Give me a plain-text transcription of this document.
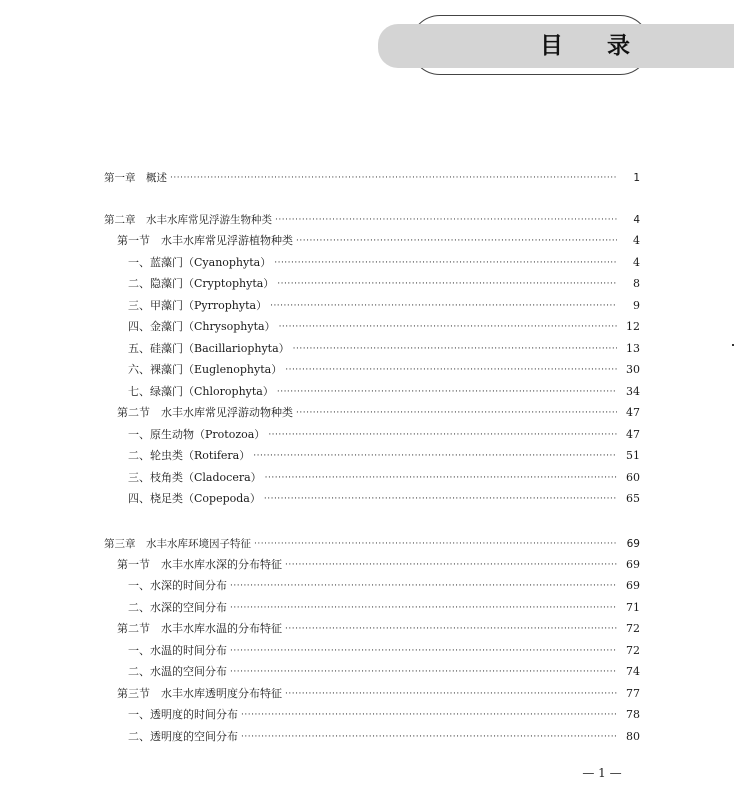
目 录
第一章　概述 ·····	1
第二章　水丰水库常见浮游生物种类 ·····	4
第一节　水丰水库常见浮游植物种类 ·····	4
一、蓝藻门（Cyanophyta） ·····	4
二、隐藻门（Cryptophyta） ·····	8
三、甲藻门（Pyrrophyta） ·····	9
四、金藻门（Chrysophyta） ·····	12
五、硅藻门（Bacillariophyta） ·····	13
六、裸藻门（Euglenophyta） ·····	30
七、绿藻门（Chlorophyta） ·····	34
第二节　水丰水库常见浮游动物种类 ·····	47
一、原生动物（Protozoa） ·····	47
二、轮虫类（Rotifera） ·····	51
三、枝角类（Cladocera） ·····	60
四、桡足类（Copepoda） ·····	65
第三章　水丰水库环境因子特征 ·····	69
第一节　水丰水库水深的分布特征 ·····	69
一、水深的时间分布 ·····	69
二、水深的空间分布 ·····	71
第二节　水丰水库水温的分布特征 ·····	72
一、水温的时间分布 ·····	72
二、水温的空间分布 ·····	74
第三节　水丰水库透明度分布特征 ·····	77
一、透明度的时间分布 ·····	78
二、透明度的空间分布 ·····	80
— 1 —
